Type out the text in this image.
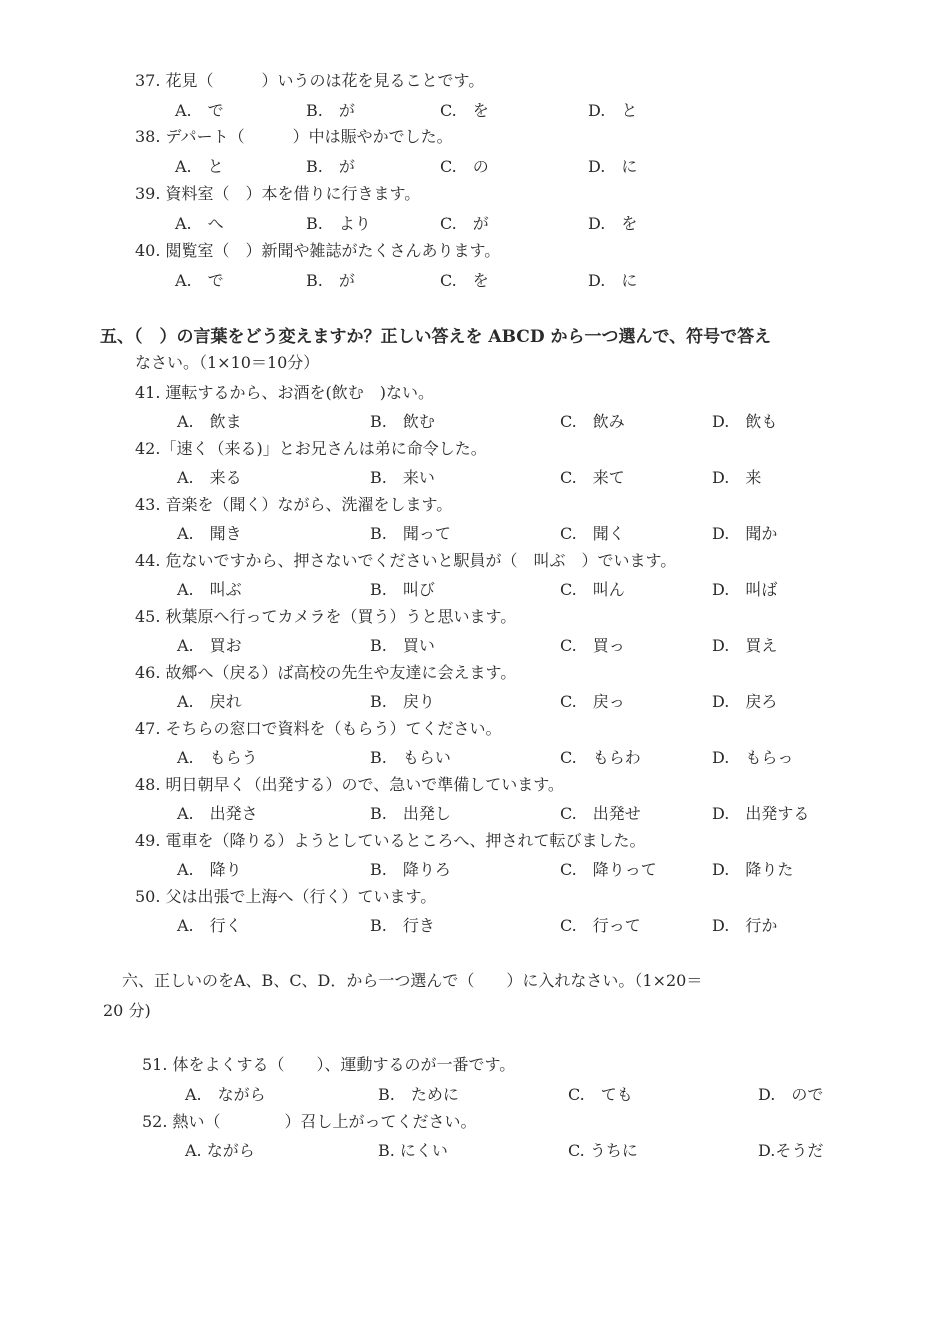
37. 花見（　　　）いうのは花を見ることです。
A.　で	B.　が	C.　を	D.　と
38. デパート（　　　）中は賑やかでした。
A.　と	B.　が	C.　の	D.　に
39. 資料室（　）本を借りに行きます。
A.　へ	B.　より	C.　が	D.　を
40. 閲覧室（　）新聞や雑誌がたくさんあります。
A.　で	B.　が	C.　を	D.　に
五、（　）の言葉をどう変えますか？正しい答えを ABCD から一つ選んで、符号で答え
なさい。（1×10＝10分）
41. 運転するから、お酒を(飲む　)ない。
A.　飲ま	B.　飲む	C.　飲み	D.　飲も
42.「速く（来る)」とお兄さんは弟に命令した。
A.　来る	B.　来い	C.　来て	D.　来
43. 音楽を（聞く）ながら、洗濯をします。
A.　聞き	B.　聞って	C.　聞く	D.　聞か
44. 危ないですから、押さないでくださいと駅員が（　叫ぶ　）でいます。
A.　叫ぶ	B.　叫び	C.　叫ん	D.　叫ば
45. 秋葉原へ行ってカメラを（買う）うと思います。
A.　買お	B.　買い	C.　買っ	D.　買え
46. 故郷へ（戻る）ば高校の先生や友達に会えます。
A.　戻れ	B.　戻り	C.　戻っ	D.　戻ろ
47. そちらの窓口で資料を（もらう）てください。
A.　もらう	B.　もらい	C.　もらわ	D.　もらっ
48. 明日朝早く（出発する）ので、急いで準備しています。
A.　出発さ	B.　出発し	C.　出発せ	D.　出発する
49. 電車を（降りる）ようとしているところへ、押されて転びました。
A.　降り	B.　降りろ	C.　降りって	D.　降りた
50. 父は出張で上海へ（行く）ています。
A.　行く	B.　行き	C.　行って	D.　行か
六、正しいのをA、B、C、D．から一つ選んで（　　）に入れなさい。（1×20＝
20 分)
51. 体をよくする（　　）、運動するのが一番です。
A.　ながら	B.　ために	C.　ても	D.　ので
52. 熱い（　　　　）召し上がってください。
A. ながら	B. にくい	C. うちに	D.そうだ
